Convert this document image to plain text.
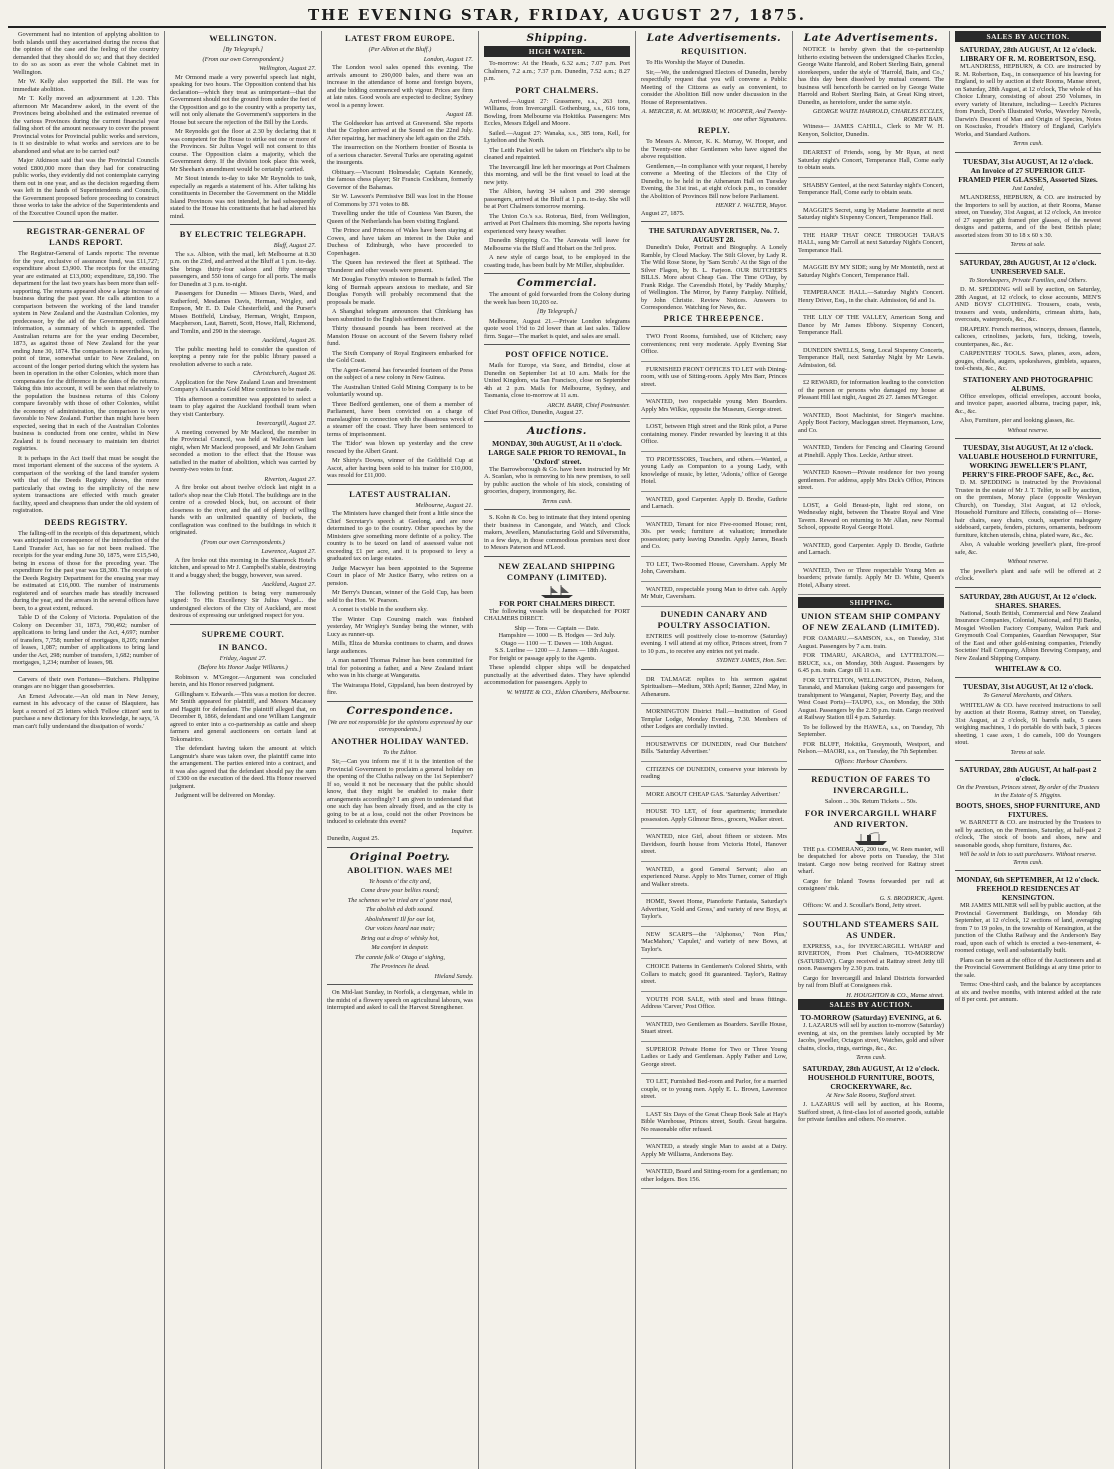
THE EVENING STAR, FRIDAY, AUGUST 27, 1875.

Government had no intention of applying abolition to both islands until they ascertained during the recess that the opinion of the case and the feeling of the country demanded that they should do so; and that they decided to do so as soon as ever the whole Cabinet met in Wellington.

Mr W. Kelly also supported the Bill. He was for immediate abolition.

Mr T. Kelly moved an adjournment at 1.20. This afternoon Mr Macandrew asked, in the event of the Provinces being abolished and the estimated revenue of the various Provinces during the current financial year falling short of the amount necessary to cover the present Provincial votes for Provincial public works and services, is it so desirable to what works and services are to be abandoned and what are to be carried out?

Major Atkinson said that was the Provincial Councils voted £800,000 more than they had for constructing public works, they evidently did not contemplate carrying them out in one year, and as the decision regarding them was left in the hands of Superintendents and Councils, the Government proposed before proceeding to construct those works to take the advice of the Superintendents and of the Executive Council upon the matter.

REGISTRAR-GENERAL OF LANDS REPORT.

The Registrar-General of Lands reports: The revenue for the year, exclusive of assurance fund, was £11,727; expenditure about £3,900. The receipts for the ensuing year are estimated at £13,000; expenditure, £8,190. The department for the last two years has been more than self-supporting. The returns appeared show a large increase of business during the past year. He calls attention to a comparison between the working of the land transfer system in New Zealand and the Australian Colonies, my predecessor, by the aid of the Government, collected information, a summary of which is appended. The Australian returns are for the year ending December, 1873, as against those of New Zealand for the year ending June 30, 1874. The comparison is nevertheless, in point of time, somewhat unfair to New Zealand, on account of the longer period during which the system has been in operation in the other Colonies, which more than compensates for the difference in the dates of the returns. Taking this into account, it will be seen that relatively to the population the business returns of this Colony compare favorably with those of other Colonies, whilst the economy of administration, the comparison is very favorable to New Zealand. Further than might have been expected, seeing that in each of the Australian Colonies business is conducted from one centre, whilst in New Zealand it is found necessary to maintain ten district registries.

It is perhaps in the Act itself that must be sought the most important element of the success of the system. A comparison of the working of the land transfer system with that of the Deeds Registry shows, the more particularly that owing to the simplicity of the new system transactions are effected with much greater facility, speed and cheapness than under the old system of registration.

DEEDS REGISTRY.

The falling-off in the receipts of this department, which was anticipated in consequence of the introduction of the Land Transfer Act, has so far not been realised. The receipts for the year ending June 30, 1875, were £15,540, being in excess of those for the preceding year. The expenditure for the past year was £8,300. The receipts of the Deeds Registry Department for the ensuing year may be estimated at £16,000. The number of instruments registered and of searches made has steadily increased during the year, and the arrears in the several offices have been, to a great extent, reduced.

Table D of the Colony of Victoria. Population of the Colony on December 31, 1873, 790,492; number of applications to bring land under the Act, 4,697; number of transfers, 7,758; number of mortgages, 8,205; number of leases, 1,087; number of applications to bring land under the Act, 298; number of transfers, 1,682; number of mortgages, 1,234; number of leases, 98.

Carvers of their own Fortunes—Butchers. Philippine oranges are no bigger than gooseberries.

An Ernest Advocate.—An old man in New Jersey, earnest in his advocacy of the cause of Blaquiere, has kept a record of 25 letters which 'Fellow citizen' sent to purchase a new dictionary for this knowledge, he says, 'A man can't fully understand the dissipation of words.'

WELLINGTON.
[By Telegraph.]
(From our own Correspondent.)
Wellington, August 27.

Mr Ormond made a very powerful speech last night, speaking for two hours. The Opposition contend that his declaration—which they treat as unimportant—that the Government should not the ground from under the feet of the Opposition and go to the country with a property tax, will not only alienate the Government's supporters in the House but secure the rejection of the Bill by the Lords.

Mr Reynolds got the floor at 2.30 by declaring that it was competent for the House to strike out one or more of the Provinces. Sir Julius Vogel will not consent to this course. The Opposition claim a majority, which the Government deny. If the division took place this week, Mr Sheehan's amendment would be certainly carried.

Mr Stout intends to-day to take Mr Reynolds to task, especially as regards a statement of his. After talking his constituents in December the Government on the Middle Island Provinces was not intended, he had subsequently stated to the House his constituents that he had altered his mind.

BY ELECTRIC TELEGRAPH.
Bluff, August 27.

The s.s. Albion, with the mail, left Melbourne at 8.30 p.m. on the 23rd, and arrived at the Bluff at 1 p.m. to-day. She brings thirty-four saloon and fifty steerage passengers, and 550 tons of cargo for all ports. The mails for Dunedin at 3 p.m. to-night.

Passengers for Dunedin — Misses Davis, Ward, and Rutherford, Mesdames Davis, Herman, Wrigley, and Empson, Mr E. D. Dale Chesterfield, and the Purser's Misses Bottfield, Lindsay, Herman, Wright, Empson, Macpherson, Laut, Barrett, Scott, Howe, Hall, Richmond, and Tomlin, and 290 in the steerage.

Auckland, August 26.

The public meeting held to consider the question of keeping a penny rate for the public library passed a resolution adverse to such a rate.

Christchurch, August 26.

Application for the New Zealand Loan and Investment Company's Alexandra Gold Mine continues to be made.

This afternoon a committee was appointed to select a team to play against the Auckland football team when they visit Canterbury.

Invercargill, August 27.

A meeting convened by Mr Macleod, the member in the Provincial Council, was held at Wallacetown last night, when Mr Macleod proposed, and Mr John Graham seconded a motion to the effect that the House was satisfied in the matter of abolition, which was carried by twenty-two votes to four.

Riverton, August 27.

A fire broke out about twelve o'clock last night in a tailor's shop near the Club Hotel. The buildings are in the centre of a crowded block, but, on account of their closeness to the river, and the aid of plenty of willing hands with an unlimited quantity of buckets, the conflagration was confined to the buildings in which it originated.

(From our own Correspondents.)
Lawrence, August 27.

A fire broke out this morning in the Shamrock Hotel's kitchen, and spread to Mr J. Campbell's stable, destroying it and a buggy shed; the buggy, however, was saved.

Auckland, August 27.

The following petition is being very numerously signed: To His Excellency Sir Julius Vogel... the undersigned electors of the City of Auckland, are most desirous of expressing our unfeigned respect for you.

SUPREME COURT.
IN BANCO.
Friday, August 27.
(Before his Honor Judge Williams.)

Robinson v. M'Gregor.—Argument was concluded herein, and his Honor reserved judgment.

Gillingham v. Edwards.—This was a motion for decree. Mr Smith appeared for plaintiff, and Messrs Macassey and Haggitt for defendant. The plaintiff alleged that, on December 8, 1866, defendant and one William Langmuir agreed to enter into a co-partnership as cattle and sheep farmers and general auctioneers on certain land at Tokomairiro.

The defendant having taken the amount at which Langmuir's share was taken over, the plaintiff came into the arrangement. The parties entered into a contract, and it was also agreed that the defendant should pay the sum of £300 on the execution of the deed. His Honor reserved judgment.

Judgment will be delivered on Monday.

LATEST FROM EUROPE.
(Per Albion at the Bluff.)
London, August 17.

The London wool sales opened this evening. The arrivals amount to 290,000 bales, and there was an increase in the attendance of home and foreign buyers, and the bidding commenced with vigour. Prices are firm at late rates. Good wools are expected to decline; Sydney wool is a penny lower.

August 18.

The Goldseeker has arrived at Gravesend. She reports that the Cophon arrived at the Sound on the 22nd July. After repairing, her machinery she left again on the 25th.

The insurrection on the Northern frontier of Bosnia is of a serious character. Several Turks are operating against the insurgents.

Obituary.—Viscount Holmesdale; Captain Kennedy, the famous chess player; Sir Francis Cockburn, formerly Governor of the Bahamas.

Sir W. Lawson's Permissive Bill was lost in the House of Commons by 371 votes to 88.

Travelling under the title of Countess Van Buren, the Queen of the Netherlands has been visiting England.

The Prince and Princess of Wales have been staying at Cowes, and have taken an interest in the Duke and Duchess of Edinburgh, who have proceeded to Copenhagen.

The Queen has reviewed the fleet at Spithead. The Thunderer and other vessels were present.

Mr Douglas Forsyth's mission to Burmah is failed. The king of Burmah appears anxious to mediate, and Sir Douglas Forsyth will probably recommend that the proposals be made.

A Shanghai telegram announces that Chinkiang has been submitted to the English settlement there.

Thirty thousand pounds has been received at the Mansion House on account of the Severn fishery relief fund.

The Sixth Company of Royal Engineers embarked for the Gold Coast.

The Agent-General has forwarded fourteen of the Press on the subject of a new colony in New Guinea.

The Australian United Gold Mining Company is to be voluntarily wound up.

Three Bedford gentlemen, one of them a member of Parliament, have been convicted on a charge of manslaughter in connection with the disastrous wreck of a steamer off the coast. They have been sentenced to terms of imprisonment.

The 'Eidor' was blown up yesterday and the crew rescued by the Albert Grant.

Mr Shirty's Downs, winner of the Goldfield Cup at Ascot, after having been sold to his trainer for £10,000, was resold for £11,000.

LATEST AUSTRALIAN.
Melbourne, August 21.

The Ministers have changed their front a little since the Chief Secretary's speech at Geelong, and are now determined to go to the country. Other speeches by the Ministers give something more definite of a policy. The country is to be taxed on land of assessed value not exceeding £1 per acre, and it is proposed to levy a graduated tax on large estates.

Judge Macwyer has been appointed to the Supreme Court in place of Mr Justice Barry, who retires on a pension.

Mr Berry's Duncan, winner of the Gold Cup, has been sold to the Hon. W. Pearson.

A comet is visible in the southern sky.

The Winter Cup Coursing match was finished yesterday, Mr Wrigley's Sunday being the winner, with Lucy as runner-up.

Mills, Eliza de Murska continues to charm, and draws large audiences.

A man named Thomas Palmer has been committed for trial for poisoning a father, and a New Zealand infant who was in his charge at Wangaratta.

The Wairarapa Hotel, Gippsland, has been destroyed by fire.

Correspondence.
[We are not responsible for the opinions expressed by our correspondents.]
ANOTHER HOLIDAY WANTED.
To the Editor.

Sir,—Can you inform me if it is the intention of the Provincial Government to proclaim a general holiday on the opening of the Clutha railway on the 1st September? If so, would it not be necessary that the public should know, that they might be enabled to make their arrangements accordingly? I am given to understand that one such day has been already fixed, and as the city is going to be at a loss, could not the other Provinces be induced to celebrate this event?

Inquirer.
Dunedin, August 25.
Original Poetry.
ABOLITION. WAES ME!
Ye hoasts o' the city and,
Come draw your bellies round;
The schemes we've tried are a' gone mad,
The abolish ed doth sound.
Abolishment! Ill for our lot,
Our voices heard nae mair;
Bring out a drop o' whisky hot,
Ma comfort in despair.
The cannie folk o' Otago a' sighing,
The Provinces lie dead.
Hieland Sandy.

On Mid-last Sunday, in Norfolk, a clergyman, while in the midst of a flowery speech on agricultural labours, was interrupted and asked to call the Harvest Strengthener.

Shipping.
HIGH WATER.

To-morrow: At the Heads, 6.32 a.m.; 7.07 p.m. Port Chalmers, 7.2 a.m.; 7.37 p.m. Dunedin, 7.52 a.m.; 8.27 p.m.

PORT CHALMERS.

Arrived.—August 27: Grassmere, s.s., 263 tons, Williams, from Invercargill. Gothenburg, s.s., 616 tons, Bowling, from Melbourne via Hokitika. Passengers: Mrs Eccles, Messrs Edgell and Moore.

Sailed.—August 27: Wanaka, s.s., 385 tons, Kell, for Lyttelton and the North.

The Leith Packet will be taken on Fletcher's slip to be cleaned and repainted.

The Invercargill line left her moorings at Port Chalmers this morning, and will be the first vessel to load at the new jetty.

The Albion, having 34 saloon and 290 steerage passengers, arrived at the Bluff at 1 p.m. to-day. She will be at Port Chalmers tomorrow morning.

The Union Co.'s s.s. Rotorua, Bird, from Wellington, arrived at Port Chalmers this morning. She reports having experienced very heavy weather.

Dunedin Shipping Co. The Arawata will leave for Melbourne via the Bluff and Hobart on the 3rd prox.

A new style of cargo boat, to be employed in the coasting trade, has been built by Mr Miller, shipbuilder.

Commercial.

The amount of gold forwarded from the Colony during the week has been 10,203 oz.

[By Telegraph.]

Melbourne, August 21.—Private London telegrams quote wool 1½d to 2d lower than at last sales. Tallow firm. Sugar—The market is quiet, and sales are small.

POST OFFICE NOTICE.

Mails for Europe, via Suez, and Brindisi, close at Dunedin on September 1st at 10 a.m. Mails for the United Kingdom, via San Francisco, close on September 4th at 2 p.m. Mails for Melbourne, Sydney, and Tasmania, close to-morrow at 11 a.m.

ARCH. BARR, Chief Postmaster.
Chief Post Office, Dunedin, August 27.
Auctions.
MONDAY, 30th AUGUST, At 11 o'clock.
LARGE SALE PRIOR TO REMOVAL, In 'Oxford' street.

The Barrowborough & Co. have been instructed by Mr A. Scanlan, who is removing to his new premises, to sell by public auction the whole of his stock, consisting of groceries, drapery, ironmongery, &c.

Terms cash.

S. Kohn & Co. beg to intimate that they intend opening their business in Canongate, and Watch, and Clock makers, Jewellers, Manufacturing Gold and Silversmiths, in a few days, in those commodious premises next door to Messrs Paterson and M'Leod.

NEW ZEALAND SHIPPING COMPANY (LIMITED).
FOR PORT CHALMERS DIRECT.

The following vessels will be despatched for PORT CHALMERS DIRECT.

Ship — Tons — Captain — Date.
Hampshire — 1000 — B. Hodges — 3rd July.
Otago — 1100 — T. Dawes — 10th August.
S.S. Lurline — 1200 — J. James — 18th August.

For freight or passage apply to the Agents.

These splendid clipper ships will be despatched punctually at the advertised dates. They have splendid accommodation for passengers. Apply to

W. WHITE & CO., Eldon Chambers, Melbourne.
Late Advertisements.
REQUISITION.

To His Worship the Mayor of Dunedin.

Sir,—We, the undersigned Electors of Dunedin, hereby respectfully request that you will convene a Public Meeting of the Citizens as early as convenient, to consider the Abolition Bill now under discussion in the House of Representatives.

A. MERCER, K. M. MURRAY, W. HOOPER, And Twenty-one other Signatures.
REPLY.

To Messrs A. Mercer, K. K. Murray, W. Hooper, and the Twenty-one other Gentlemen who have signed the above requisition.

Gentlemen,—In compliance with your request, I hereby convene a Meeting of the Electors of the City of Dunedin, to be held in the Athenæum Hall on Tuesday Evening, the 31st inst., at eight o'clock p.m., to consider the Abolition of Provinces Bill now before Parliament.

HENRY J. WALTER, Mayor.
August 27, 1875.
THE SATURDAY ADVERTISER, No. 7. AUGUST 28.

Dunedin's Duke, Portrait and Biography. A Lonely Ramble, by Cloud Mackay. The Stilt Glover, by Lady R. The Wild Rose Stone, by 'Sam Scrub.' At the Sign of the Silver Flagon, by B. L. Farjeon. OUR BUTCHER'S BILLS. More about Cheap Gas. The Time O'Day, by Frank Ridge. The Cavendish Hotel, by 'Paddy Murphy,' of Wellington. The Mirror, by Fanny Fairplay. Nilfield, by John Christie. Review Notices. Answers to Correspondence. Watching for News, &c.

PRICE THREEPENCE.

TWO Front Rooms, furnished, use of Kitchen; easy conveniences; rent very moderate. Apply Evening Star Office.

FURNISHED FRONT OFFICES TO LET with Dining-room, with use of Sitting-room. Apply Mrs Barr, Princes street.

WANTED, two respectable young Men Boarders. Apply Mrs Wilkie, opposite the Museum, George street.

LOST, between High street and the Rink pilot, a Purse containing money. Finder rewarded by leaving it at this Office.

TO PROFESSORS, Teachers, and others.—Wanted, a young Lady as Companion to a young Lady, with knowledge of music, by letter, 'Adonis,' office of George Hotel.

WANTED, good Carpenter. Apply D. Brodie, Guthrie and Larnach.

WANTED, Tenant for nice Five-roomed House; rent, 30s. per week; furniture at valuation; immediate possession; party leaving Dunedin. Apply James, Beach and Co.

TO LET, Two-Roomed House, Caversham. Apply Mr John, Caversham.

WANTED, respectable young Man to drive cab. Apply Mr Muir, Caversham.

DUNEDIN CANARY AND POULTRY ASSOCIATION.

ENTRIES will positively close to-morrow (Saturday) evening. I will attend at my office, Princes street, from 7 to 10 p.m., to receive any entries not yet made.

SYDNEY JAMES, Hon. Sec.

DR TALMAGE replies to his sermon against Spiritualism—Medium, 30th April; Banner, 22nd May, in Athenæum.

MORNINGTON District Hall.—Institution of Good Templar Lodge, Monday Evening, 7.30. Members of other Lodges are cordially invited.

HOUSEWIVES OF DUNEDIN, read Our Butchers' Bills. 'Saturday Advertiser.'

CITIZENS OF DUNEDIN, conserve your interests by reading

MORE ABOUT CHEAP GAS. 'Saturday Advertiser.'

HOUSE TO LET, of four apartments; immediate possession. Apply Gilmour Bros., grocers, Walker street.

WANTED, nice Girl, about fifteen or sixteen. Mrs Davidson, fourth house from Victoria Hotel, Hanover street.

WANTED, a good General Servant; also an experienced Nurse. Apply to Mrs Turner, corner of High and Walker streets.

HOME, Sweet Home, Pianoforte Fantasia, Saturday's Advertiser, 'Gold and Gross,' and variety of new Boys, at Taylor's.

NEW SCARFS—the 'Alphonso,' 'Non Plus,' 'MacMahon,' 'Capulet,' and variety of new Bows, at Taylor's.

CHOICE Patterns in Gentlemen's Colored Shirts, with Collars to match; good fit guaranteed. Taylor's, Rattray street.

YOUTH FOR SALE, with steel and brass fittings. Address 'Carver,' Post Office.

WANTED, two Gentlemen as Boarders. Saville House, Stuart street.

SUPERIOR Private Home for Two or Three Young Ladies or Lady and Gentleman. Apply Father and Low, George street.

TO LET, Furnished Bed-room and Parlor, for a married couple, or to young men. Apply E. L. Brown, Lawrence street.

LAST Six Days of the Great Cheap Book Sale at Hay's Bible Warehouse, Princes street, South. Great bargains. No reasonable offer refused.

WANTED, a steady single Man to assist at a Dairy. Apply Mr Williams, Andersons Bay.

WANTED, Board and Sitting-room for a gentleman; no other lodgers. Box 156.

Late Advertisements.

NOTICE is hereby given that the co-partnership hitherto existing between the undersigned Charles Eccles, George Waite Hanrold, and Robert Sterling Bain, general storekeepers, under the style of 'Harrold, Bain, and Co.,' has this day been dissolved by mutual consent. The business will henceforth be carried on by George Waite Harrold and Robert Sterling Bain, at Great King street, Dunedin, as heretofore, under the same style.

GEORGE WAITE HARROLD, CHARLES ECCLES, ROBERT BAIN.

Witness— JAMES CAHILL, Clerk to Mr W. H. Kenyon, Solicitor, Dunedin.

DEAREST of Friends, song, by Mr Ryan, at next Saturday night's Concert, Temperance Hall, Come early to obtain seats.

SHABBY Genteel, at the next Saturday night's Concert, Temperance Hall, Come early to obtain seats.

MAGGIE'S Secret, sung by Madame Jeannette at next Saturday night's Sixpenny Concert, Temperance Hall.

THE HARP THAT ONCE THROUGH TARA'S HALL, sung Mr Carroll at next Saturday Night's Concert, Temperance Hall.

MAGGIE BY MY SIDE; sung by Mr Monteith, next at Saturday Night's Concert, Temperance Hall.

TEMPERANCE HALL.—Saturday Night's Concert. Henry Driver, Esq., in the chair. Admission, 6d and 1s.

THE LILY OF THE VALLEY, American Song and Dance by Mr James Ebbony. Sixpenny Concert, Temperance Hall.

DUNEDIN SWELLS, Song, Local Sixpenny Concerts, Temperance Hall, next Saturday Night by Mr Lewis. Admission, 6d.

£2 REWARD, for information leading to the conviction of the person or persons who damaged my house at Pleasant Hill last night, August 26 27. James M'Gregor.

WANTED, Boot Machinist, for Singer's machine. Apply Boot Factory, Macloggan street. Heymanson, Low, and Co.

WANTED, Tenders for Fencing and Clearing Ground at Pinehill. Apply Thos. Leckie, Arthur street.

WANTED Known—Private residence for two young gentlemen. For address, apply Mrs Dick's Office, Princes street.

LOST, a Gold Breast-pin, light red stone, on Wednesday night, between the Theatre Royal and Vine Tavern. Reward on returning to Mr Allan, new Normal School, opposite Royal George Hotel.

WANTED, good Carpenter. Apply D. Brodie, Guthrie and Larnach.

WANTED, Two or Three respectable Young Men as boarders; private family. Apply Mr D. White, Queen's Hotel, Albany street.

SHIPPING.
UNION STEAM SHIP COMPANY OF NEW ZEALAND (LIMITED).

FOR OAMARU.—SAMSON, s.s., on Tuesday, 31st August. Passengers by 7 a.m. train.

FOR TIMARU, AKAROA, and LYTTELTON.—BRUCE, s.s., on Monday, 30th August. Passengers by 6.45 p.m. train. Cargo till 11 a.m.

FOR LYTTELTON, WELLINGTON, Picton, Nelson, Taranaki, and Manukau (taking cargo and passengers for transhipment to Wanganui, Napier, Poverty Bay, and the West Coast Ports)—TAUPO, s.s., on Monday, the 30th August. Passengers by the 2.30 p.m. train. Cargo received at Railway Station till 4 p.m. Saturday.

To be followed by the HAWEA, s.s., on Tuesday, 7th September.

FOR BLUFF, Hokitika, Greymouth, Westport, and Nelson.—MAORI, s.s., on Tuesday, the 7th September.

Offices: Harbour Chambers.
REDUCTION OF FARES TO INVERCARGILL.
Saloon ... 30s. Return Tickets ... 50s.
FOR INVERCARGILL WHARF AND RIVERTON.

THE p.s. COMERANG, 200 tons, W. Rees master, will be despatched for above ports on Tuesday, the 31st instant. Cargo now being received for Rattray street wharf.

Cargo for Inland Towns forwarded per rail at consignees' risk.

G. S. BRODRICK, Agent.

Offices: W. and J. Scoullar's Bond, Jetty street.

SOUTHLAND STEAMERS SAIL AS UNDER.

EXPRESS, s.s., for INVERCARGILL WHARF and RIVERTON, From Port Chalmers, TO-MORROW (SATURDAY). Cargo received at Rattray street Jetty till noon. Passengers by 2.30 p.m. train.

Cargo for Invercargill and Inland Districts forwarded by rail from Bluff at Consignees risk.

H. HOUGHTON & CO., Manse street.
SALES BY AUCTION.
TO-MORROW (Saturday) EVENING, at 6.

J. LAZARUS will sell by auction to-morrow (Saturday) evening, at six, on the premises lately occupied by Mr Jacobs, jeweller, Octagon street, Watches, gold and silver chains, clocks, rings, earrings, &c., &c.

Terms cash.
SATURDAY, 28th AUGUST, At 12 o'clock.
HOUSEHOLD FURNITURE, BOOTS, CROCKERYWARE, &c.
At New Sale Rooms, Stafford street.

J. LAZARUS will sell by auction, at his Rooms, Stafford street, A first-class lot of assorted goods, suitable for private families and others. No reserve.

SALES BY AUCTION.
SATURDAY, 28th AUGUST, At 12 o'clock.
LIBRARY OF R. M. ROBERTSON, ESQ.

M'LANDRESS, HEPBURN, & CO. are instructed by R. M. Robertson, Esq., in consequence of his leaving for England, to sell by auction at their Rooms, Manse street, on Saturday, 28th August, at 12 o'clock, The whole of his Choice Library, consisting of about 250 Volumes, in every variety of literature, including— Leech's Pictures from Punch, Doré's Illustrated Works, Waverley Novels, Darwin's Descent of Man and Origin of Species, Notes on Kosciusko, Froude's History of England, Carlyle's Works, and Standard Authors.

Terms cash.
TUESDAY, 31st AUGUST, At 12 o'clock.
An Invoice of 27 SUPERIOR GILT-FRAMED PIER GLASSES, Assorted Sizes.
Just Landed,

M'LANDRESS, HEPBURN, & CO. are instructed by the Importers to sell by auction, at their Rooms, Manse street, on Tuesday, 31st August, at 12 o'clock, An invoice of 27 superior gilt framed pier glasses, of the newest designs and patterns, and of the best British plate; assorted sizes from 30 to 18 x 60 x 30.

Terms at sale.
SATURDAY, 28th AUGUST, At 12 o'clock.
UNRESERVED SALE.
To Storekeepers, Private Families, and Others.

D. M. SPEDDING will sell by auction, on Saturday, 28th August, at 12 o'clock, to close accounts, MEN'S AND BOYS' CLOTHING. Trousers, coats, vests, trousers and vests, undershirts, crimean shirts, hats, overcoats, waterproofs, &c., &c.

DRAPERY. French merinos, winceys, dresses, flannels, calicoes, crinolines, jackets, furs, ticking, towels, counterpanes, &c., &c.

CARPENTERS' TOOLS. Saws, planes, axes, adzes, gouges, chisels, augers, spokeshaves, gimblets, squares, tool-chests, &c., &c.

STATIONERY AND PHOTOGRAPHIC ALBUMS.

Office envelopes, official envelopes, account books, and invoice paper, assorted albums, tracing paper, ink, &c., &c.

Also, Furniture, pier and looking glasses, &c.

Without reserve.
TUESDAY, 31st AUGUST, At 12 o'clock.
VALUABLE HOUSEHOLD FURNITURE, WORKING JEWELLER'S PLANT, PERRY'S FIRE-PROOF SAFE, &c., &c.

D. M. SPEDDING is instructed by the Provisional Trustee in the estate of Mr J. T. Telfer, to sell by auction, on the premises, Moray place (opposite Wesleyan Church), on Tuesday, 31st August, at 12 o'clock, Household Furniture and Effects, consisting of— Horse-hair chairs, easy chairs, couch, superior mahogany sideboard, carpets, fenders, pictures, ornaments, bedroom furniture, kitchen utensils, china, plated ware, &c., &c.

Also, A valuable working jeweller's plant, fire-proof safe, &c.

Without reserve.

The jeweller's plant and safe will be offered at 2 o'clock.

SATURDAY, 28th AUGUST, At 12 o'clock.
SHARES. SHARES.

National, South British, Commercial and New Zealand Insurance Companies, Colonial, National, and Fiji Banks, Mosgiel Woollen Factory Company, Walton Park and Greymouth Coal Companies, Guardian Newspaper, Star of the East and other gold-mining companies, Friendly Societies' Hall Company, Albion Brewing Company, and New Zealand Shipping Company.

WHITELAW & CO.
TUESDAY, 31st AUGUST, At 12 o'clock.
To General Merchants, and Others.

WHITELAW & CO. have received instructions to sell by auction at their Rooms, Rattray street, on Tuesday, 31st August, at 2 o'clock, 91 barrels nails, 5 cases weighing machines, 1 do portable do with back, 3 pieces sheeting, 1 case axes, 1 do camels, 100 do Youngers stout.

Terms at sale.
SATURDAY, 28th AUGUST, At half-past 2 o'clock.
On the Premises, Princes street, By order of the Trustees in the Estate of S. Higgins.
BOOTS, SHOES, SHOP FURNITURE, AND FIXTURES.

W. BARNETT & CO. are instructed by the Trustees to sell by auction, on the Premises, Saturday, at half-past 2 o'clock, The stock of boots and shoes, new and seasonable goods, shop furniture, fixtures, &c.

Will be sold in lots to suit purchasers. Without reserve. Terms cash.
MONDAY, 6th SEPTEMBER, At 12 o'clock.
FREEHOLD RESIDENCES AT KENSINGTON.

MR JAMES MILNER will sell by public auction, at the Provincial Government Buildings, on Monday 6th September, at 12 o'clock, 12 sections of land, averaging from 7 to 19 poles, in the township of Kensington, at the junction of the Clutha Railway and the Anderson's Bay road, upon each of which is erected a two-tenement, 4-roomed cottage, well and substantially built.

Plans can be seen at the office of the Auctioneers and at the Provincial Government Buildings at any time prior to the sale.

Terms: One-third cash, and the balance by acceptances at six and twelve months, with interest added at the rate of 8 per cent. per annum.
